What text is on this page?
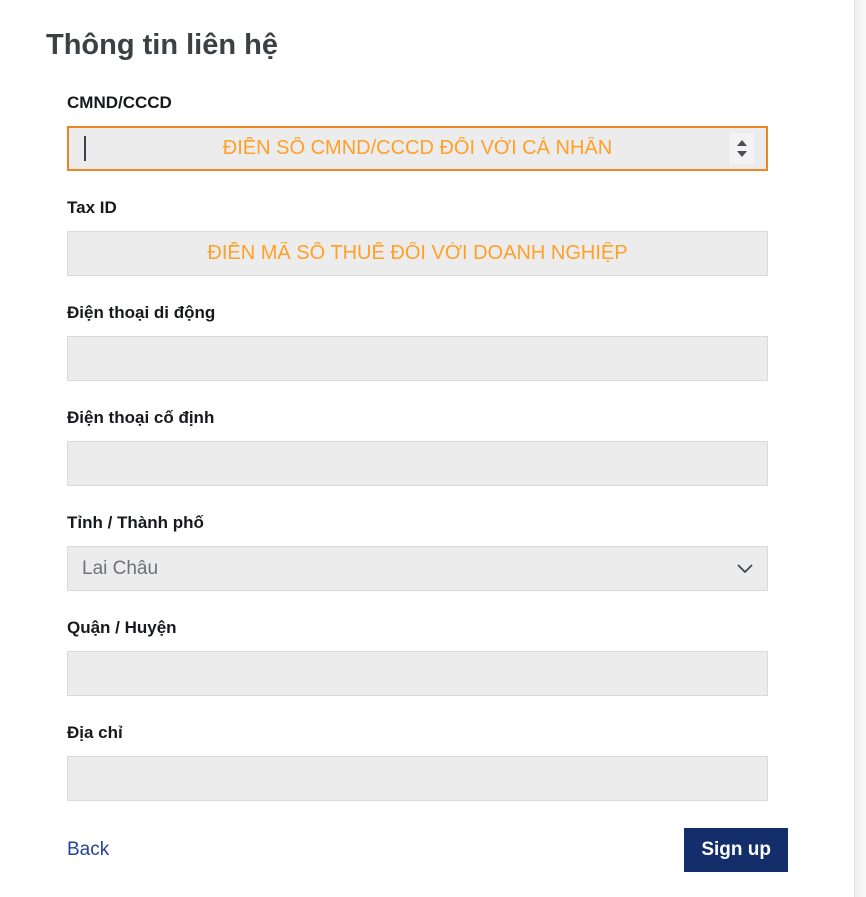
Thông tin liên hệ
CMND/CCCD
ĐIỀN SỐ CMND/CCCD ĐỐI VỚI CÁ NHÂN
Tax ID
ĐIỀN MÃ SỐ THUẾ ĐỐI VỚI DOANH NGHIỆP
Điện thoại di động
Điện thoại cố định
Tỉnh / Thành phố
Lai Châu
Quận / Huyện
Địa chỉ
Back	Sign up
